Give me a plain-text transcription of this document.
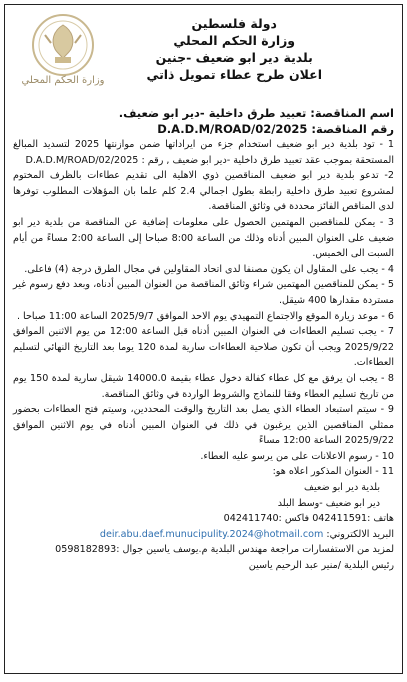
دولة فلسطين
وزارة الحكم المحلي
بلدية دير ابو ضعيف -جنين
اعلان طرح عطاء تمويل ذاتي
وزارة الحكم المحلي
اسم المناقصة: تعبيد طرق داخلية -دير ابو ضعيف.
رقم المناقصة: D.A.D.M/ROAD/02/2025

1 - تود بلدية دير ابو ضعيف استخدام جزء من ايراداتها ضمن موازنتها 2025 لتسديد المبالغ المستحقة بموجب عقد تعبيد طرق داخلية -دير ابو ضعيف , رقم : D.A.D.M/ROAD/02/2025

2- تدعو بلدية دير ابو ضعيف المناقصين ذوي الاهلية الى تقديم عطاءات بالظرف المختوم لمشروع تعبيد طرق داخلية رابطة بطول اجمالي 2.4 كلم علما بان المؤهلات المطلوب توفرها لدى المناقص الفائز محددة في وثائق المناقصة.

3 - يمكن للمناقصين المهتمين الحصول على معلومات إضافية عن المناقصة من بلدية دير ابو ضعيف على العنوان المبين أدناه وذلك من الساعة 8:00 صباحا إلى الساعة 2:00 مساءً من أيام السبت الى الخميس.

4 - يجب على المقاول ان يكون مصنفا لدى اتحاد المقاولين في مجال الطرق درجة (4) فاعلى.

5 - يمكن للمناقصين المهتمين شراء وثائق المناقصة من العنوان المبين أدناه، وبعد دفع رسوم غير مستردة مقدارها 400 شيقل.

6 - موعد زيارة الموقع والاجتماع التمهيدي يوم الاحد الموافق 2025/9/7 الساعة 11:00 صباحا .

7 - يجب تسليم العطاءات في العنوان المبين أدناه قبل الساعة 12:00 من يوم الاثنين الموافق 2025/9/22 ويجب أن تكون صلاحية العطاءات سارية لمدة 120 يوما بعد التاريخ النهائي لتسليم العطاءات.

8 - يجب ان يرفق مع كل عطاء كفالة دخول عطاء بقيمة 14000.0 شيقل سارية لمدة 150 يوم من تاريخ تسليم العطاء وفقا للنماذج والشروط الواردة في وثائق المناقصة.

9 - سيتم استبعاد العطاء الذي يصل بعد التاريخ والوقت المحددين، وسيتم فتح العطاءات بحضور ممثلي المناقصين الذين يرغبون في ذلك في العنوان المبين أدناه في يوم الاثنين الموافق 2025/9/22 الساعة 12:00 مساءً

10 - رسوم الاعلانات على من يرسو عليه العطاء.

11 - العنوان المذكور اعلاه هو:

بلدية دير ابو ضعيف

دير ابو ضعيف -وسط البلد

هاتف :042411591 فاكس :042411740

البريد الالكتروني: deir.abu.daef.munucipulity.2024@hotmail.com

لمزيد من الاستفسارات مراجعة مهندس البلدية م.يوسف ياسين جوال :0598182893

رئيس البلدية /منير عبد الرحيم ياسين
